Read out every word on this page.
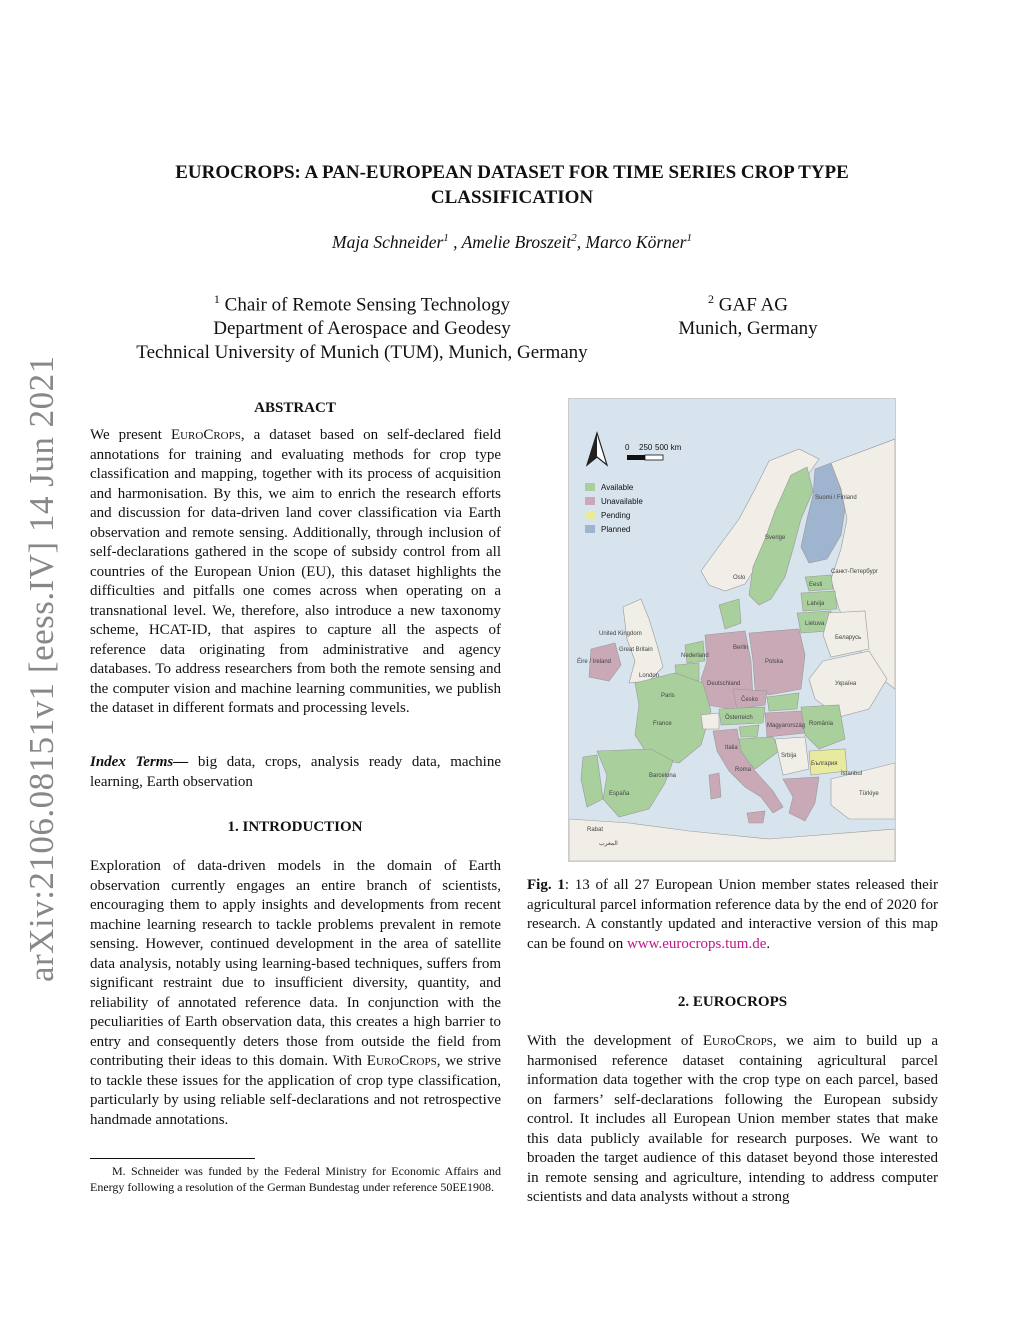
arXiv:2106.08151v1 [eess.IV] 14 Jun 2021
EUROCROPS: A PAN-EUROPEAN DATASET FOR TIME SERIES CROP TYPE CLASSIFICATION
Maja Schneider$^1$ , Amelie Broszeit$^2$, Marco Körner$^1$
$^1$ Chair of Remote Sensing Technology
Department of Aerospace and Geodesy
Technical University of Munich (TUM), Munich, Germany
$^2$ GAF AG
Munich, Germany
ABSTRACT
We present EuroCrops, a dataset based on self-declared field annotations for training and evaluating methods for crop type classification and mapping, together with its process of acquisition and harmonisation. By this, we aim to enrich the research efforts and discussion for data-driven land cover classification via Earth observation and remote sensing. Additionally, through inclusion of self-declarations gathered in the scope of subsidy control from all countries of the European Union (EU), this dataset highlights the difficulties and pitfalls one comes across when operating on a transnational level. We, therefore, also introduce a new taxonomy scheme, HCAT-ID, that aspires to capture all the aspects of reference data originating from administrative and agency databases. To address researchers from both the remote sensing and the computer vision and machine learning communities, we publish the dataset in different formats and processing levels.
Index Terms— big data, crops, analysis ready data, machine learning, Earth observation
1. INTRODUCTION
Exploration of data-driven models in the domain of Earth observation currently engages an entire branch of scientists, encouraging them to apply insights and developments from recent machine learning research to tackle problems prevalent in remote sensing. However, continued development in the area of satellite data analysis, notably using learning-based techniques, suffers from significant restraint due to insufficient diversity, quantity, and reliability of annotated reference data. In conjunction with the peculiarities of Earth observation data, this creates a high barrier to entry and consequently deters those from outside the field from contributing their ideas to this domain. With EuroCrops, we strive to tackle these issues for the application of crop type classification, particularly by using reliable self-declarations and not retrospective handmade annotations.
M. Schneider was funded by the Federal Ministry for Economic Affairs and Energy following a resolution of the German Bundestag under reference 50EE1908.
0 250 500 km
Available
Unavailable
Pending
Planned
Sverige
Suomi / Finland
Oslo
Санкт-Петербург
Eesti
United Kingdom
Great Britain
Latvija
Lietuva
Éire / Ireland
Nederland
Berlin
Polska
Беларусь
London
Deutschland
Česko
Україна
Paris
France
Österreich
Magyarország România
Italia
Srbija
Roma
Barcelona
България
İstanbul
España	Türkiye
Rabat
المغرب
Fig. 1: 13 of all 27 European Union member states released their agricultural parcel information reference data by the end of 2020 for research. A constantly updated and interactive version of this map can be found on www.eurocrops.tum.de.
2. EUROCROPS
With the development of EuroCrops, we aim to build up a harmonised reference dataset containing agricultural parcel information data together with the crop type on each parcel, based on farmers’ self-declarations following the European subsidy control. It includes all European Union member states that make this data publicly available for research purposes. We want to broaden the target audience of this dataset beyond those interested in remote sensing and agriculture, intending to address computer scientists and data analysts without a strong
